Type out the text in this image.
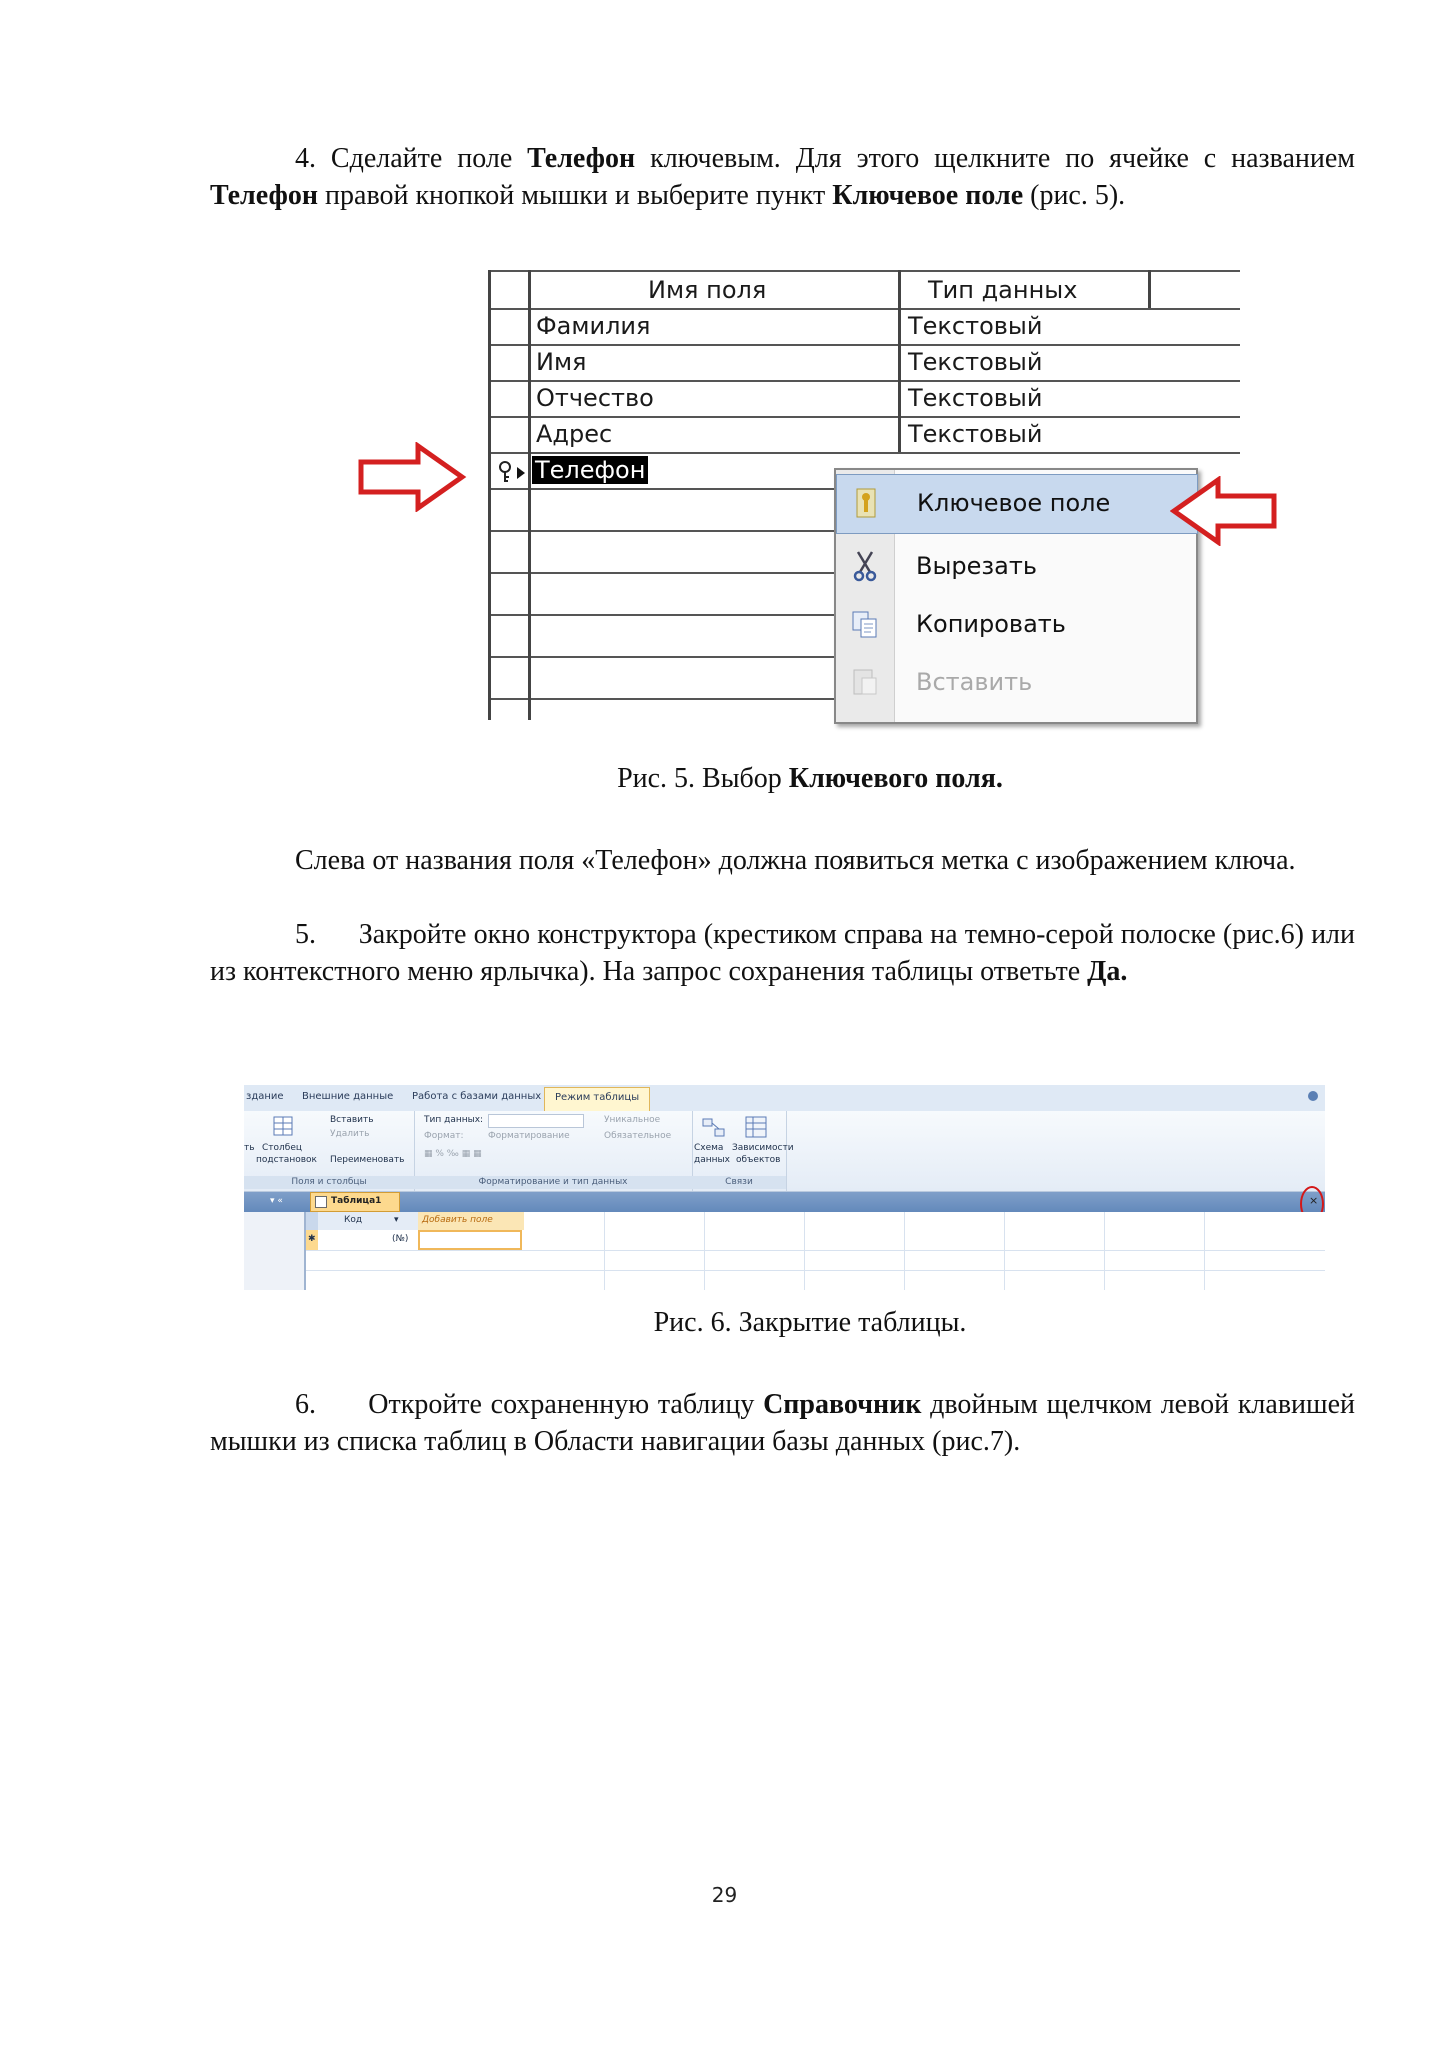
4. Сделайте поле Телефон ключевым. Для этого щелкните по ячейке с названием Телефон правой кнопкой мышки и выберите пункт Ключевое поле (рис. 5).
Имя поля	Тип данных
Фамилия	Текстовый
Имя	Текстовый
Отчество	Текстовый
Адрес	Текстовый
Телефон
Ключевое поле
Вырезать
Копировать
Вставить
Рис. 5. Выбор Ключевого поля.
Слева от названия поля «Телефон» должна появиться метка с изображением ключа.
5. Закройте окно конструктора (крестиком справа на темно-серой полоске (рис.6) или из контекстного меню ярлычка). На запрос сохранения таблицы ответьте Да.
здание Внешние данные Работа с базами данных Режим таблицы
ть Столбец
подстановок
Вставить
Удалить
Переименовать
Поля и столбцы
Тип данных:
Формат:	Форматирование
Уникальное
Обязательное
▦ % ‰ ▦ ▦
Форматирование и тип данных
Схема
данных
Зависимости
объектов
Связи
▾ «	Таблица1	×
Код	▾	Добавить поле
✱	(№)
Рис. 6. Закрытие таблицы.
6. Откройте сохраненную таблицу Справочник двойным щелчком левой клавишей мышки из списка таблиц в Области навигации базы данных (рис.7).
29
